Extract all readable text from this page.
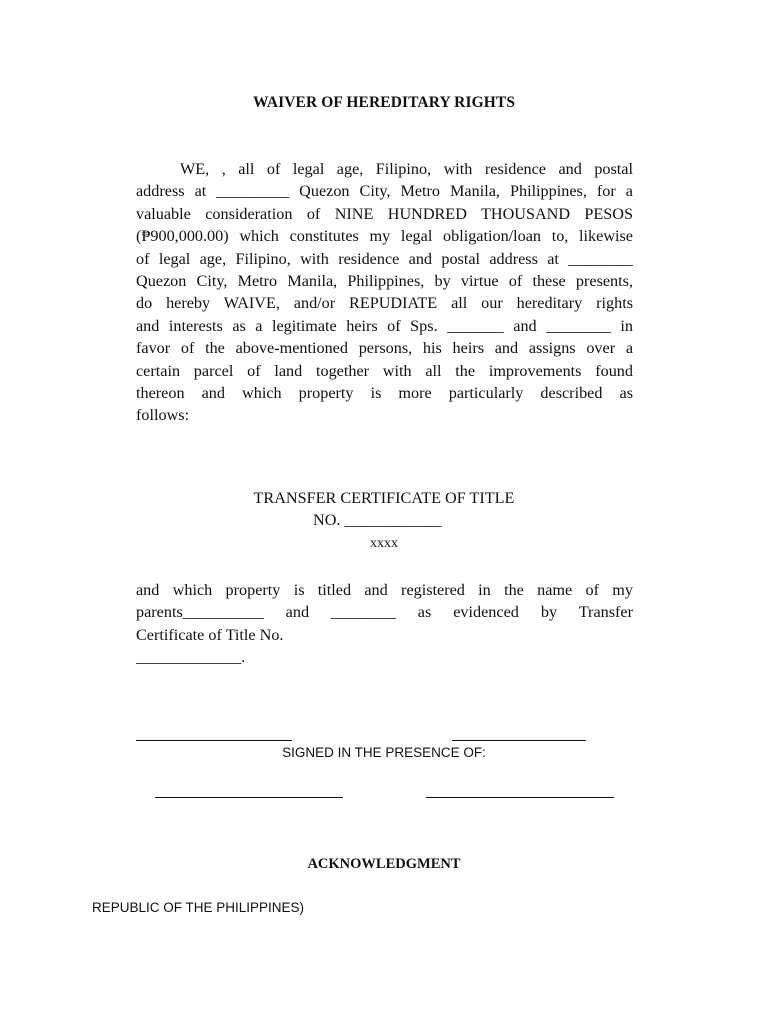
WAIVER OF HEREDITARY RIGHTS
WE, , all of legal age, Filipino, with residence and postal
address at _________ Quezon City, Metro Manila, Philippines, for a
valuable consideration of NINE HUNDRED THOUSAND PESOS
(₱900,000.00) which constitutes my legal obligation/loan to, likewise
of legal age, Filipino, with residence and postal address at ________
Quezon City, Metro Manila, Philippines, by virtue of these presents,
do hereby WAIVE, and/or REPUDIATE all our hereditary rights
and interests as a legitimate heirs of Sps. _______ and ________ in
favor of the above-mentioned persons, his heirs and assigns over a
certain parcel of land together with all the improvements found
thereon and which property is more particularly described as
follows:
TRANSFER CERTIFICATE OF TITLE
NO. ____________
xxxx
and which property is titled and registered in the name of my
parents__________ and ________ as evidenced by Transfer
Certificate of Title No.
_____________.
SIGNED IN THE PRESENCE OF:
ACKNOWLEDGMENT
REPUBLIC OF THE PHILIPPINES)
